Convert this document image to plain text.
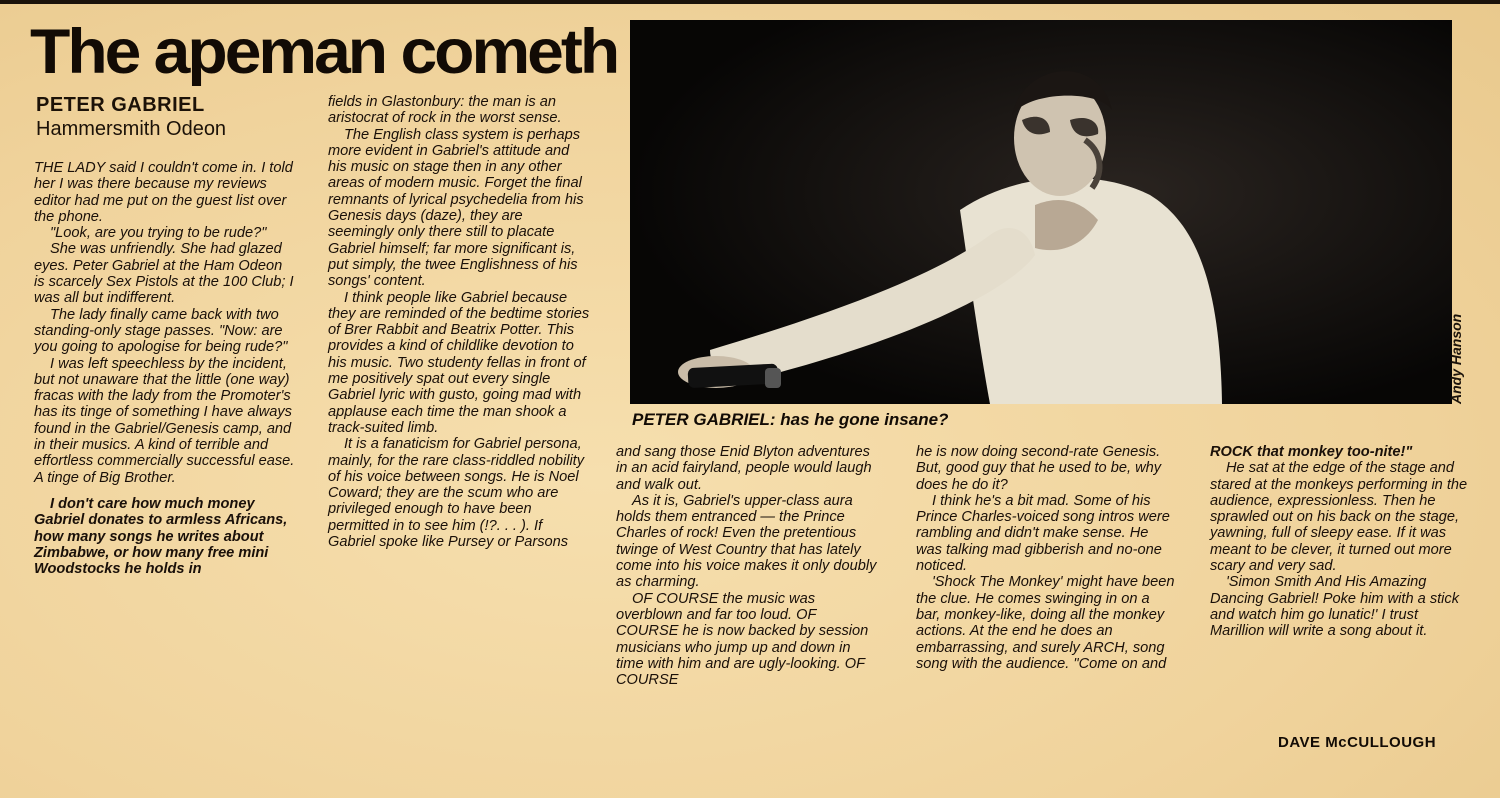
The apeman cometh
PETER GABRIEL
Hammersmith Odeon

THE LADY said I couldn't come in. I told her I was there because my reviews editor had me put on the guest list over the phone.

"Look, are you trying to be rude?"

She was unfriendly. She had glazed eyes. Peter Gabriel at the Ham Odeon is scarcely Sex Pistols at the 100 Club; I was all but indifferent.

The lady finally came back with two standing-only stage passes. "Now: are you going to apologise for being rude?"

I was left speechless by the incident, but not unaware that the little (one way) fracas with the lady from the Promoter's has its tinge of something I have always found in the Gabriel/Genesis camp, and in their musics. A kind of terrible and effortless commercially successful ease. A tinge of Big Brother.

I don't care how much money Gabriel donates to armless Africans, how many songs he writes about Zimbabwe, or how many free mini Woodstocks he holds in

fields in Glastonbury: the man is an aristocrat of rock in the worst sense.

The English class system is perhaps more evident in Gabriel's attitude and his music on stage then in any other areas of modern music. Forget the final remnants of lyrical psychedelia from his Genesis days (daze), they are seemingly only there still to placate Gabriel himself; far more significant is, put simply, the twee Englishness of his songs' content.

I think people like Gabriel because they are reminded of the bedtime stories of Brer Rabbit and Beatrix Potter. This provides a kind of childlike devotion to his music. Two studenty fellas in front of me positively spat out every single Gabriel lyric with gusto, going mad with applause each time the man shook a track-suited limb.

It is a fanaticism for Gabriel persona, mainly, for the rare class-riddled nobility of his voice between songs. He is Noel Coward; they are the scum who are privileged enough to have been permitted in to see him (!?. . . ). If Gabriel spoke like Pursey or Parsons

Andy Hanson
PETER GABRIEL: has he gone insane?

and sang those Enid Blyton adventures in an acid fairyland, people would laugh and walk out.

As it is, Gabriel's upper-class aura holds them entranced — the Prince Charles of rock! Even the pretentious twinge of West Country that has lately come into his voice makes it only doubly as charming.

OF COURSE the music was overblown and far too loud. OF COURSE he is now backed by session musicians who jump up and down in time with him and are ugly-looking. OF COURSE

he is now doing second-rate Genesis. But, good guy that he used to be, why does he do it?

I think he's a bit mad. Some of his Prince Charles-voiced song intros were rambling and didn't make sense. He was talking mad gibberish and no-one noticed.

'Shock The Monkey' might have been the clue. He comes swinging in on a bar, monkey-like, doing all the monkey actions. At the end he does an embarrassing, and surely ARCH, song song with the audience. "Come on and

ROCK that monkey too-nite!"

He sat at the edge of the stage and stared at the monkeys performing in the audience, expressionless. Then he sprawled out on his back on the stage, yawning, full of sleepy ease. If it was meant to be clever, it turned out more scary and very sad.

'Simon Smith And His Amazing Dancing Gabriel! Poke him with a stick and watch him go lunatic!' I trust Marillion will write a song about it.

DAVE McCULLOUGH
